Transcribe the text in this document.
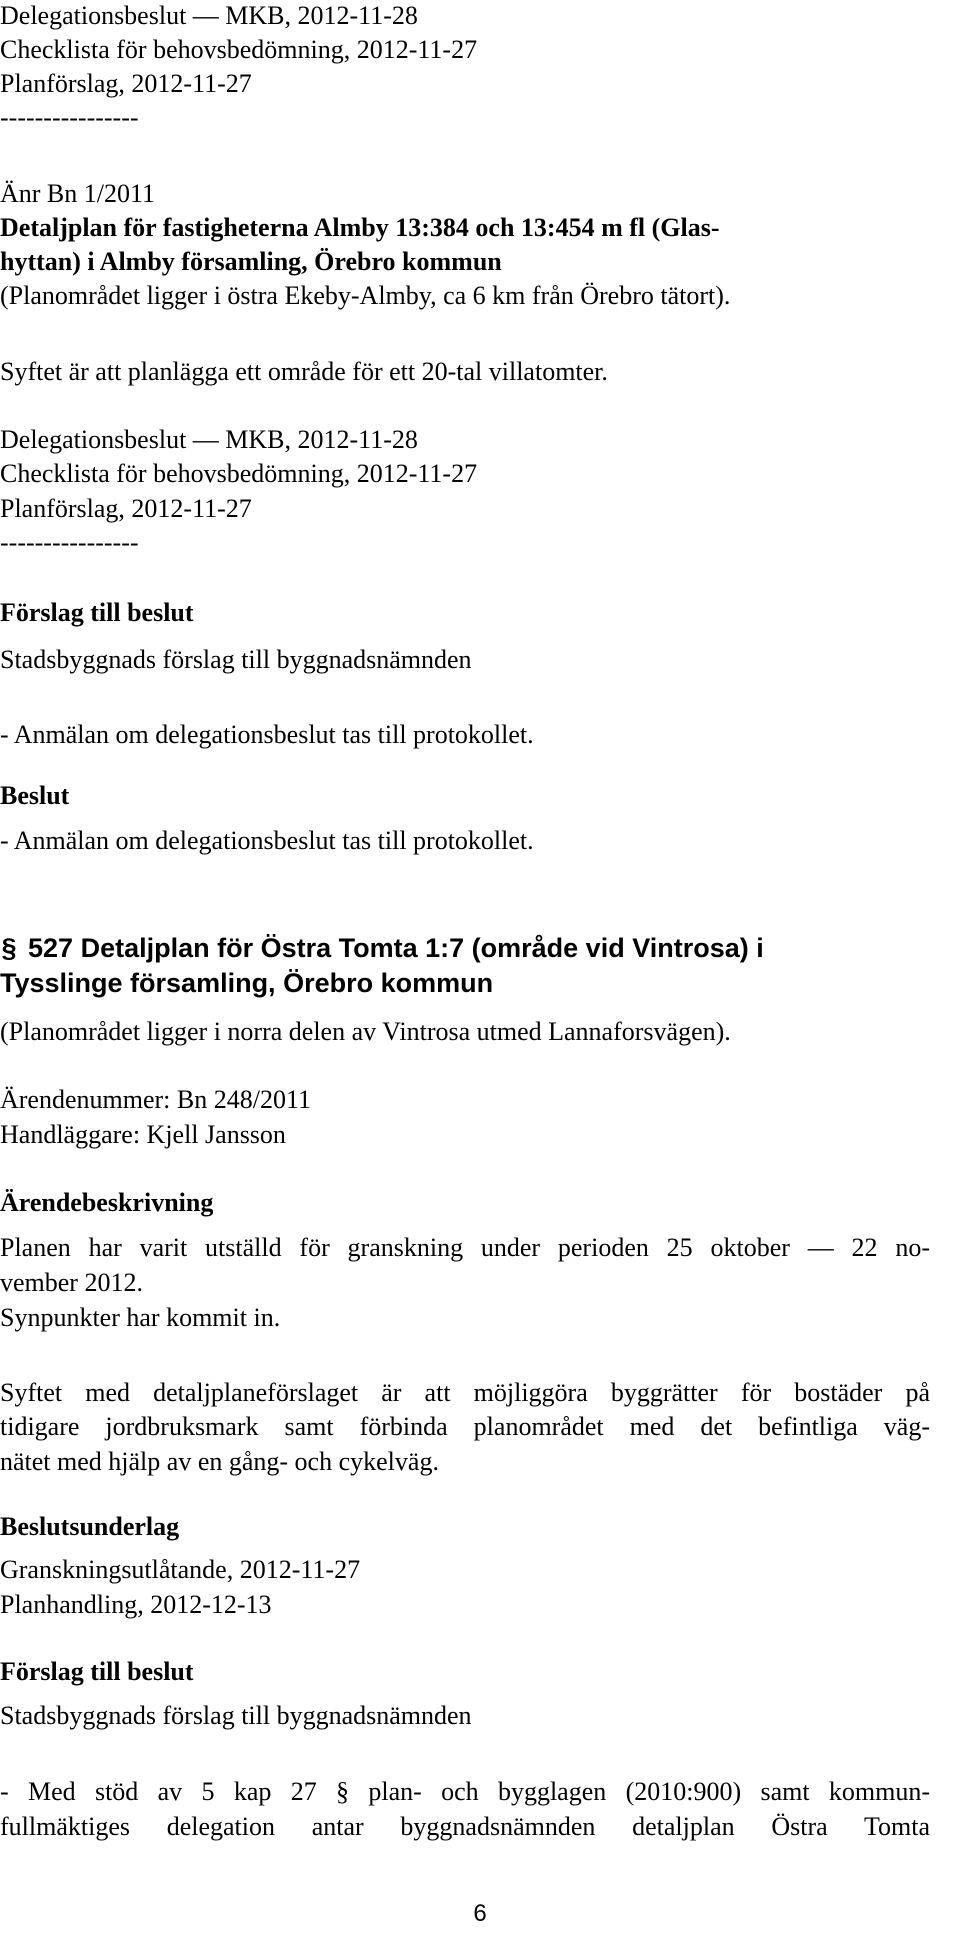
Delegationsbeslut — MKB, 2012-11-28
Checklista för behovsbedömning, 2012-11-27
Planförslag, 2012-11-27
----------------
Änr Bn 1/2011
Detaljplan för fastigheterna Almby 13:384 och 13:454 m fl (Glas-
hyttan) i Almby församling, Örebro kommun
(Planområdet ligger i östra Ekeby-Almby, ca 6 km från Örebro tätort).
Syftet är att planlägga ett område för ett 20-tal villatomter.
Delegationsbeslut — MKB, 2012-11-28
Checklista för behovsbedömning, 2012-11-27
Planförslag, 2012-11-27
----------------
Förslag till beslut
Stadsbyggnads förslag till byggnadsnämnden
- Anmälan om delegationsbeslut tas till protokollet.
Beslut
- Anmälan om delegationsbeslut tas till protokollet.
§ 527 Detaljplan för Östra Tomta 1:7 (område vid Vintrosa) i
Tysslinge församling, Örebro kommun
(Planområdet ligger i norra delen av Vintrosa utmed Lannaforsvägen).
Ärendenummer: Bn 248/2011
Handläggare: Kjell Jansson
Ärendebeskrivning
Planen har varit utställd för granskning under perioden 25 oktober — 22 no-
vember 2012.
Synpunkter har kommit in.
Syftet med detaljplaneförslaget är att möjliggöra byggrätter för bostäder på
tidigare jordbruksmark samt förbinda planområdet med det befintliga väg-
nätet med hjälp av en gång- och cykelväg.
Beslutsunderlag
Granskningsutlåtande, 2012-11-27
Planhandling, 2012-12-13
Förslag till beslut
Stadsbyggnads förslag till byggnadsnämnden
- Med stöd av 5 kap 27 § plan- och bygglagen (2010:900) samt kommun-
fullmäktiges delegation antar byggnadsnämnden detaljplan Östra Tomta
6
